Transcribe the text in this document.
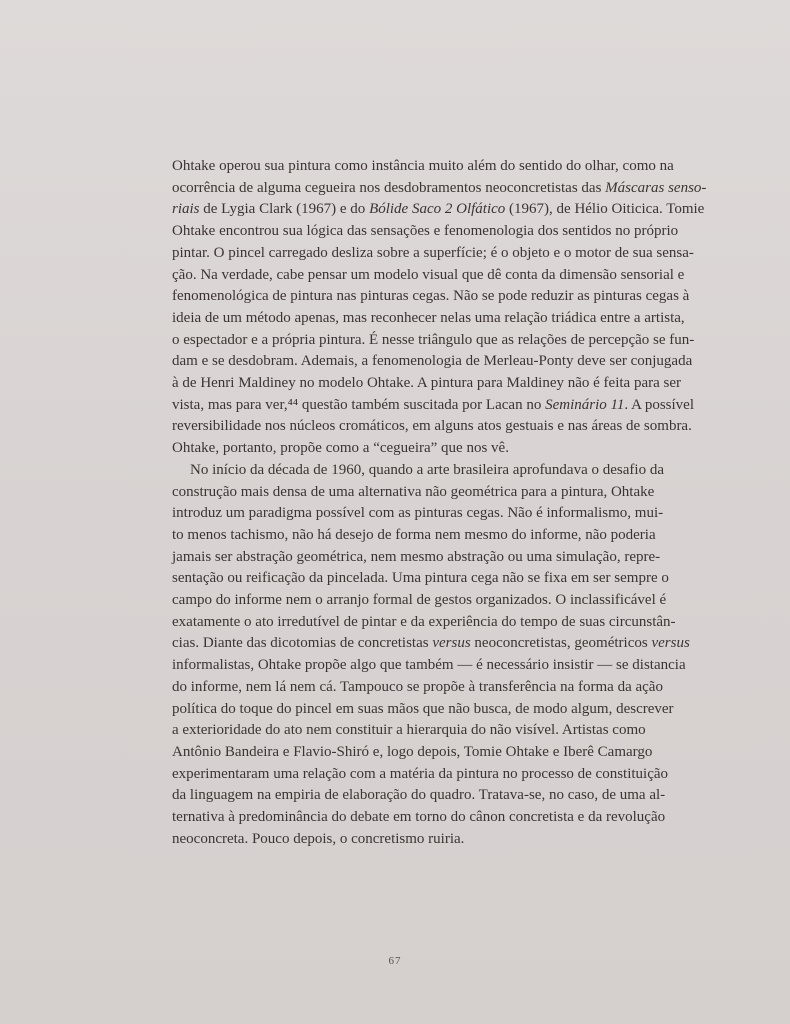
Ohtake operou sua pintura como instância muito além do sentido do olhar, como na
ocorrência de alguma cegueira nos desdobramentos neoconcretistas das Máscaras senso-
riais de Lygia Clark (1967) e do Bólide Saco 2 Olfático (1967), de Hélio Oiticica. Tomie
Ohtake encontrou sua lógica das sensações e fenomenologia dos sentidos no próprio
pintar. O pincel carregado desliza sobre a superfície; é o objeto e o motor de sua sensa-
ção. Na verdade, cabe pensar um modelo visual que dê conta da dimensão sensorial e
fenomenológica de pintura nas pinturas cegas. Não se pode reduzir as pinturas cegas à
ideia de um método apenas, mas reconhecer nelas uma relação triádica entre a artista,
o espectador e a própria pintura. É nesse triângulo que as relações de percepção se fun-
dam e se desdobram. Ademais, a fenomenologia de Merleau-Ponty deve ser conjugada
à de Henri Maldiney no modelo Ohtake. A pintura para Maldiney não é feita para ser
vista, mas para ver,⁴⁴ questão também suscitada por Lacan no Seminário 11. A possível
reversibilidade nos núcleos cromáticos, em alguns atos gestuais e nas áreas de sombra.
Ohtake, portanto, propõe como a “cegueira” que nos vê.
No início da década de 1960, quando a arte brasileira aprofundava o desafio da
construção mais densa de uma alternativa não geométrica para a pintura, Ohtake
introduz um paradigma possível com as pinturas cegas. Não é informalismo, mui-
to menos tachismo, não há desejo de forma nem mesmo do informe, não poderia
jamais ser abstração geométrica, nem mesmo abstração ou uma simulação, repre-
sentação ou reificação da pincelada. Uma pintura cega não se fixa em ser sempre o
campo do informe nem o arranjo formal de gestos organizados. O inclassificável é
exatamente o ato irredutível de pintar e da experiência do tempo de suas circunstân-
cias. Diante das dicotomias de concretistas versus neoconcretistas, geométricos versus
informalistas, Ohtake propõe algo que também — é necessário insistir — se distancia
do informe, nem lá nem cá. Tampouco se propõe à transferência na forma da ação
política do toque do pincel em suas mãos que não busca, de modo algum, descrever
a exterioridade do ato nem constituir a hierarquia do não visível. Artistas como
Antônio Bandeira e Flavio-Shiró e, logo depois, Tomie Ohtake e Iberê Camargo
experimentaram uma relação com a matéria da pintura no processo de constituição
da linguagem na empiria de elaboração do quadro. Tratava-se, no caso, de uma al-
ternativa à predominância do debate em torno do cânon concretista e da revolução
neoconcreta. Pouco depois, o concretismo ruiria.
67
